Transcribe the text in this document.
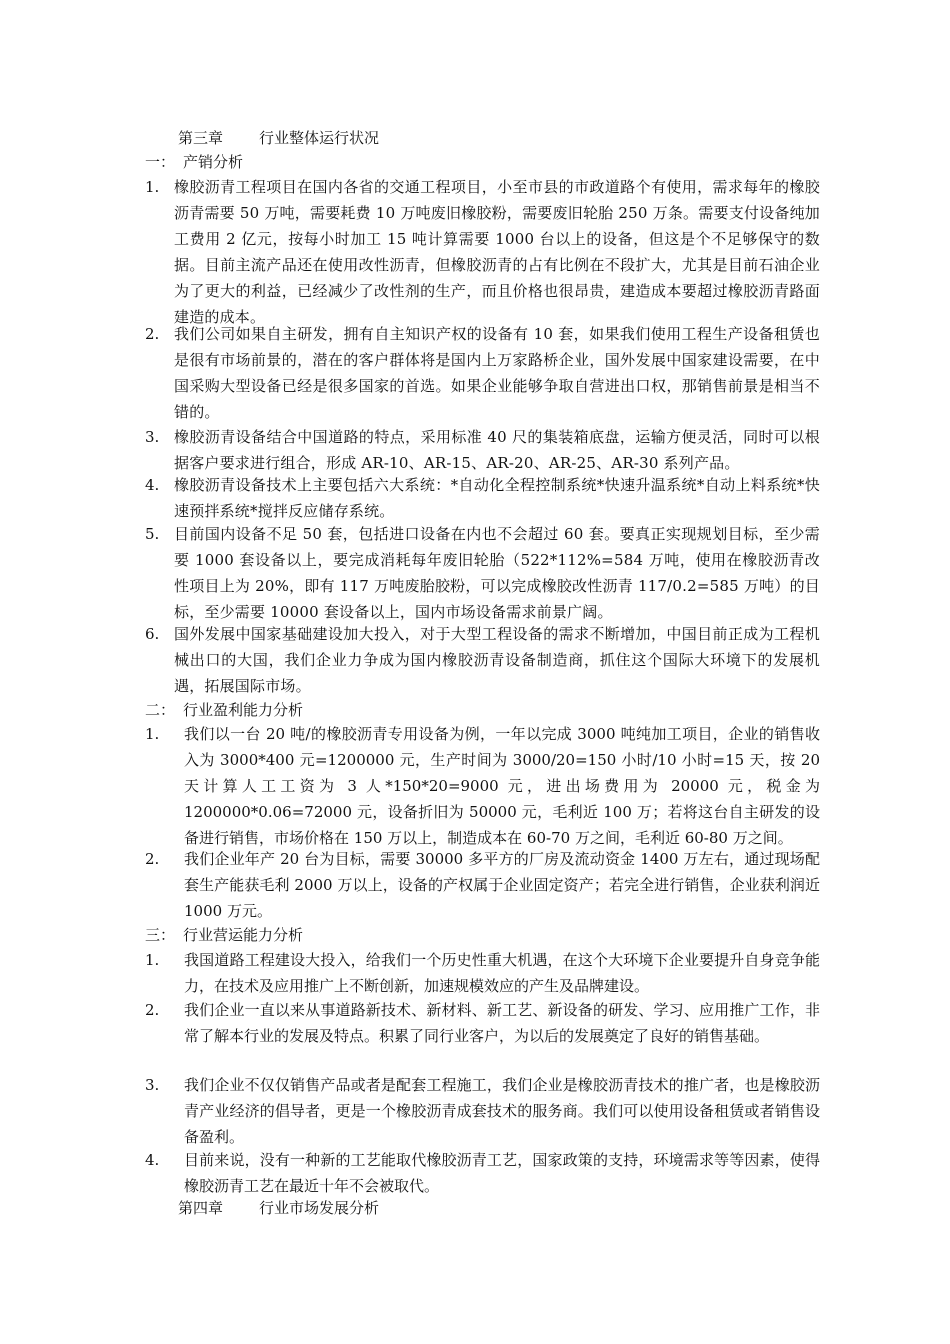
第三章 行业整体运行状况
一： 产销分析
1. 橡胶沥青工程项目在国内各省的交通工程项目，小至市县的市政道路个有使用，需求每年的橡胶沥青需要 50 万吨，需要耗费 10 万吨废旧橡胶粉，需要废旧轮胎 250 万条。需要支付设备纯加工费用 2 亿元，按每小时加工 15 吨计算需要 1000 台以上的设备，但这是个不足够保守的数据。目前主流产品还在使用改性沥青，但橡胶沥青的占有比例在不段扩大，尤其是目前石油企业为了更大的利益，已经减少了改性剂的生产，而且价格也很昂贵，建造成本要超过橡胶沥青路面建造的成本。
2. 我们公司如果自主研发，拥有自主知识产权的设备有 10 套，如果我们使用工程生产设备租赁也是很有市场前景的，潜在的客户群体将是国内上万家路桥企业，国外发展中国家建设需要，在中国采购大型设备已经是很多国家的首选。如果企业能够争取自营进出口权，那销售前景是相当不错的。
3. 橡胶沥青设备结合中国道路的特点，采用标准 40 尺的集装箱底盘，运输方便灵活，同时可以根据客户要求进行组合，形成 AR-10、AR-15、AR-20、AR-25、AR-30 系列产品。
4. 橡胶沥青设备技术上主要包括六大系统：*自动化全程控制系统*快速升温系统*自动上料系统*快速预拌系统*搅拌反应储存系统。
5. 目前国内设备不足 50 套，包括进口设备在内也不会超过 60 套。要真正实现规划目标，至少需要 1000 套设备以上，要完成消耗每年废旧轮胎（522*112%=584 万吨，使用在橡胶沥青改性项目上为 20%，即有 117 万吨废胎胶粉，可以完成橡胶改性沥青 117/0.2=585 万吨）的目标，至少需要 10000 套设备以上，国内市场设备需求前景广阔。
6. 国外发展中国家基础建设加大投入，对于大型工程设备的需求不断增加，中国目前正成为工程机械出口的大国，我们企业力争成为国内橡胶沥青设备制造商，抓住这个国际大环境下的发展机遇，拓展国际市场。
二： 行业盈利能力分析
1.	我们以一台 20 吨/的橡胶沥青专用设备为例，一年以完成 3000 吨纯加工项目，企业的销售收入为 3000*400 元=1200000 元，生产时间为 3000/20=150 小时/10 小时=15 天，按 20 天计算人工工资为 3 人*150*20=9000 元，进出场费用为 20000 元，税金为 1200000*0.06=72000 元，设备折旧为 50000 元，毛利近 100 万；若将这台自主研发的设备进行销售，市场价格在 150 万以上，制造成本在 60-70 万之间，毛利近 60-80 万之间。
2.	我们企业年产 20 台为目标，需要 30000 多平方的厂房及流动资金 1400 万左右，通过现场配套生产能获毛利 2000 万以上，设备的产权属于企业固定资产；若完全进行销售，企业获利润近 1000 万元。
三： 行业营运能力分析
1.	我国道路工程建设大投入，给我们一个历史性重大机遇，在这个大环境下企业要提升自身竞争能力，在技术及应用推广上不断创新，加速规模效应的产生及品牌建设。
2.	我们企业一直以来从事道路新技术、新材料、新工艺、新设备的研发、学习、应用推广工作，非常了解本行业的发展及特点。积累了同行业客户，为以后的发展奠定了良好的销售基础。
3.	我们企业不仅仅销售产品或者是配套工程施工，我们企业是橡胶沥青技术的推广者，也是橡胶沥青产业经济的倡导者，更是一个橡胶沥青成套技术的服务商。我们可以使用设备租赁或者销售设备盈利。
4.	目前来说，没有一种新的工艺能取代橡胶沥青工艺，国家政策的支持，环境需求等等因素，使得橡胶沥青工艺在最近十年不会被取代。
第四章 行业市场发展分析
